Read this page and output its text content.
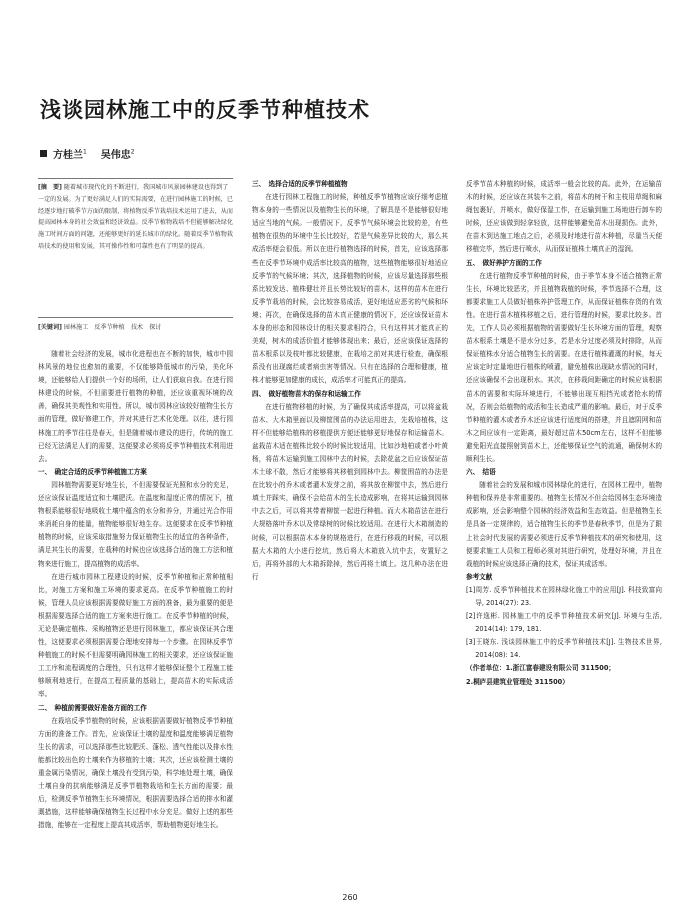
浅谈园林施工中的反季节种植技术
方桂兰$^1$ 吴伟忠$^2$

[摘　要] 随着城市现代化的不断进行，我国城市风景园林建设也得到了一定的发展。为了更好满足人们的实际需要，在进行园林施工的时候，已经逐步地打破季节方面的限制，将植物反季节栽培技术运用了进去，从而提高园林本身的社会效益和经济效益。反季节植物栽培不但能够解决绿化施工时间方面的问题，还能够更好的延长城市的绿化。随着反季节植物栽培技术的使用和发展，其可操作性和可靠性也有了明显的提高。

[关键词] 园林施工　反季节种植　技术　探讨

随着社会经济的发展，城市化进程也在不断的加快，城市中园林风景的地位也愈加的重要，不仅能够降低城市的污染，美化环境，还能够给人们提供一个好的场所，让人们获取自我。在进行园林建设的时候，不但需要进行植物的种植，还应该重视环境的改善，确保其美观性和实用性。所以，城市园林应该较好植物生长方面的管理，做好修建工作，并对其进行艺术化处理。以往，进行园林施工的季节往往是春天，但是随着城市建设的进行，传统的施工已经无法满足人们的需要，这便要求必须将反季节种植技术利用进去。

一、　确定合适的反季节种植施工方案

园林植物需要更好地生长，不但需要保证光照和水分的充足，还应该保证温度适宜和土壤肥沃。在温度和湿度正常的情况下，植物根系能够很好地吸收土壤中蕴含的水分和养分，并通过光合作用来消耗自身的能量，植物能够很好地生存。这便要求在反季节种植植物的时候，应该采取措施努力保证植物生长的适宜的各种条件，满足其生长的需要，在栽种的时候也应该选择合适的施工方法和植物来进行施工，提高植物的成活率。

在进行城市园林工程建设的时候，反季节种植和正常种植相比，对施工方案和施工环境的要求更高。在反季节种植施工的时候，管理人员应该根据需要做好施工方面的准备，最为重要的便是根据需要选择合适的施工方案来进行施工。在反季节种植的时候，无论是确定植株、采购植物还是进行园林施工，都应该保证其合理性，这便要求必须根据需要合理地安排每一个步骤。在园林反季节种植施工的时候不但需要明确园林施工的相关要求，还应该保证施工工序和流程调度的合理性，只有这样才能够保证整个工程施工能够顺利地进行，在提高工程质量的基础上，提高苗木的实际成活率。

二、　种植前需要做好准备方面的工作

在栽培反季节植物的时候，应该根据需要做好植物反季节种植方面的准备工作。首先，应该保证土壤的湿度和温度能够满足植物生长的需求，可以选择那些比较肥沃、蓬松、透气性能以及排水性能都比较出色的土壤来作为移植的土壤；其次，还应该检测土壤的重金属污染情况，确保土壤没有受到污染，科学地处理土壤，确保土壤自身的抗病能够满足反季节植物栽培和生长方面的需要；最后，检测反季节植物生长环境情况，根据需要选择合适的排水和灌溉措施，这样能够确保植物生长过程中水分充足。做好上述的那些措施，能够在一定程度上提高其成活率，帮助植物更好地生长。

三、　选择合适的反季节种植植物

在进行园林工程施工的时候，种植反季节植物应该仔细考虑植物本身的一些情况以及植物生长的环境，了解具是不是能够很好地适应当地的气候。一般情况下，反季节气候环境会比较的差，有些植物在很热的环境中生长比较好，若是气候差异比较的大，那么其成活率便会很低。所以在进行植物选择的时候，首先，应该选择那些在反季节环境中成活率比较高的植物，这些植物能够很好地适应反季节的气候环境；其次，选择植物的时候，应该尽量选择那些根系比较发达、植株健壮并且长势比较好的苗木，这样的苗木在进行反季节栽培的时候，会比较容易成活，更好地适应恶劣的气候和环境；再次，在确保选择的苗木真正健康的情况下，还应该保证苗木本身的形态和园林设计的相关要求相符合，只有这样其才能真正的美观，树木的成活价值才能够体现出来；最后，还应该保证选择的苗木根系以及枝叶都比较健康，在栽培之前对其进行检查，确保根系没有出现腐烂或者病虫害等情况。只有在选择的合理和健康，植株才能够更加健康的成长，成活率才可能真正的提高。

四、　做好植物苗木的保存和运输工作

在进行植物移植的时候，为了确保其成活率提高，可以将盆栽苗木、大木箱里面以及柳筐围苗的办法运用进去，先栽培植株，这样不但能够给植株的移植提供方便还能够更好地保存和运输苗木。盆栽苗木适在植株比较小的时候比较适用，比如沙地柏或者小叶黄杨，将苗木运输到施工园林中去的时候，去除花盆之后应该保证苗木土球不散，然后才能够将其移植到园林中去。柳筐围苗的办法是在比较小的乔木或者灌木发芽之前，将其放在柳筐中去，然后进行填土并踩实，确保不会给苗木的生长造成影响，在将其运输到园林中去之后，可以将其带着柳筐一起进行种植。而大木箱苗法在进行大规格落叶乔木以及常绿树的时候比较适用。在进行大木箱制造的时候，可以根据苗木本身的规格进行，在进行移栽的时候，可以根据大木箱的大小进行挖坑，然后将大木箱放入坑中去，安置好之后，再将外部的大木箱拆除掉，然后再将土填上。这几种办法在进行

反季节苗木种植的时候，成活率一般会比较的高。此外，在运输苗木的时候，还应该在其装车之前，将苗木的树干和主枝用草绳和麻绳包裹好，并喷水，做好保湿工作，在运输到施工场地进行卸车的时候，还应该做到轻拿轻放，这样能够避免苗木出现损伤。此外，在苗木到达施工地点之后，必须及时地进行苗木种植，尽量当天便移植完毕，然后进行喷水，从而保证植株土壤真正的湿润。

五、　做好养护方面的工作

在进行植物反季节种植的时候，由于季节本身不适合植物正常生长，环境比较恶劣，并且植物栽植的时候，季节选择不合理，这都要求施工人员做好植株养护管理工作，从而保证植株存货的有效性。在进行苗木植株移植之后，进行管理的时候，要求比较多。首先，工作人员必须根据植物的需要做好生长环境方面的管理，观察苗木根系土壤是不是水分过多，若是水分过度必须及时排除，从而保证植株水分适合植物生长的需要。在进行植株灌溉的时候，每天应该定时定量地进行植株的喷灌，避免植株出现缺水情况的同时，还应该确保不会出现积水。其次，在移栽间距确定的时候应该根据苗木的需要和实际环境进行，不能够出现互相挡光或者抢水的情况，否则会给植物的成活和生长造成严重的影响。最后，对于反季节种植的灌木或者乔木还应该进行适度间的搭建，并且遮阴网和苗木之间应该有一定距离，最好超过苗木50cm左右，这样不但能够避免阳光直接照射到苗木上，还能够保证空气的流通，确保树木的顺利生长。

六、　结语

随着社会的发展和城市园林绿化的进行，在园林工程中，植物种植和保养是非常重要的。植物生长情况不但会给园林生态环境造成影响，还会影响整个园林的经济效益和生态效益。但是植物生长是具备一定规律的，适合植物生长的季节是春秋季节，但是为了跟上社会时代发展的需要必须进行反季节种植技术的研究和使用，这便要求施工人员和工程师必须对其进行研究，处理好环境，并且在栽植的时候应该选择正确的技术，保证其成活率。

参考文献

[1]周芳. 反季节种植技术在园林绿化施工中的应用[J]. 科技致富向导, 2014(27): 23.

[2]许逸彬. 园林施工中的反季节种植技术研究[J]. 环境与生活, 2014(14): 179, 181.

[3]王晓东. 浅谈园林施工中的反季节种植技术[J]. 生物技术世界, 2014(08): 14.

（作者单位：1.浙江富春建设有限公司 311500；

2.桐庐县建筑业管理处 311500）

260
